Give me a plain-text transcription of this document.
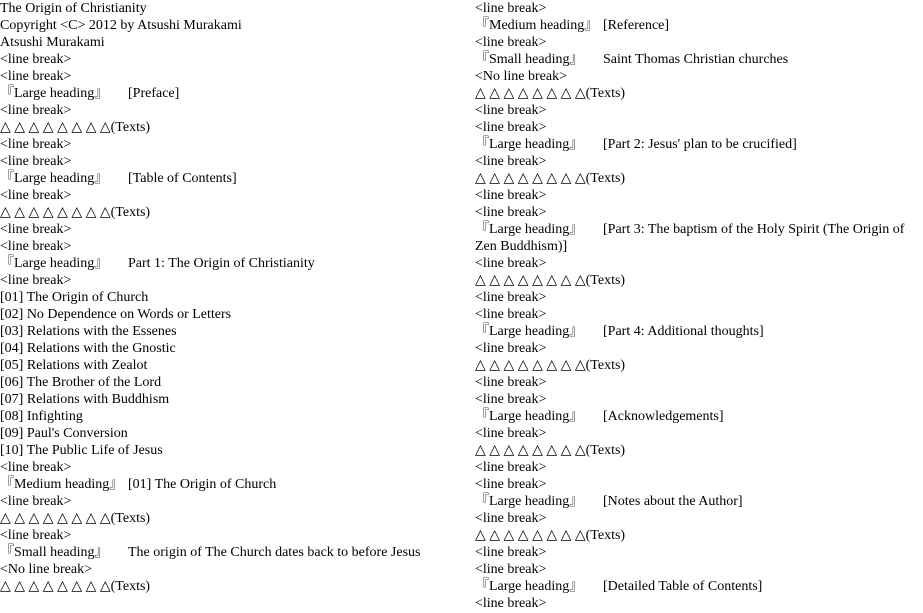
The Origin of Christianity
Copyright <C> 2012 by Atsushi Murakami
Atsushi Murakami
<line break>
<line break>
『Large heading』 [Preface]
<line break>
△ △ △ △ △ △ △ △(Texts)
<line break>
<line break>
『Large heading』 [Table of Contents]
<line break>
△ △ △ △ △ △ △ △(Texts)
<line break>
<line break>
『Large heading』 Part 1: The Origin of Christianity
<line break>
[01] The Origin of Church
[02] No Dependence on Words or Letters
[03] Relations with the Essenes
[04] Relations with the Gnostic
[05] Relations with Zealot
[06] The Brother of the Lord
[07] Relations with Buddhism
[08] Infighting
[09] Paul's Conversion
[10] The Public Life of Jesus
<line break>
『Medium heading』 [01] The Origin of Church
<line break>
△ △ △ △ △ △ △ △(Texts)
<line break>
『Small heading』 The origin of The Church dates back to before Jesus
<No line break>
△ △ △ △ △ △ △ △(Texts)
<line break>
『Medium heading』 [Reference]
<line break>
『Small heading』 Saint Thomas Christian churches
<No line break>
△ △ △ △ △ △ △ △(Texts)
<line break>
<line break>
『Large heading』 [Part 2: Jesus' plan to be crucified]
<line break>
△ △ △ △ △ △ △ △(Texts)
<line break>
<line break>
『Large heading』 [Part 3: The baptism of the Holy Spirit (The Origin of Zen Buddhism)]
<line break>
△ △ △ △ △ △ △ △(Texts)
<line break>
<line break>
『Large heading』 [Part 4: Additional thoughts]
<line break>
△ △ △ △ △ △ △ △(Texts)
<line break>
<line break>
『Large heading』 [Acknowledgements]
<line break>
△ △ △ △ △ △ △ △(Texts)
<line break>
<line break>
『Large heading』 [Notes about the Author]
<line break>
△ △ △ △ △ △ △ △(Texts)
<line break>
<line break>
『Large heading』 [Detailed Table of Contents]
<line break>
